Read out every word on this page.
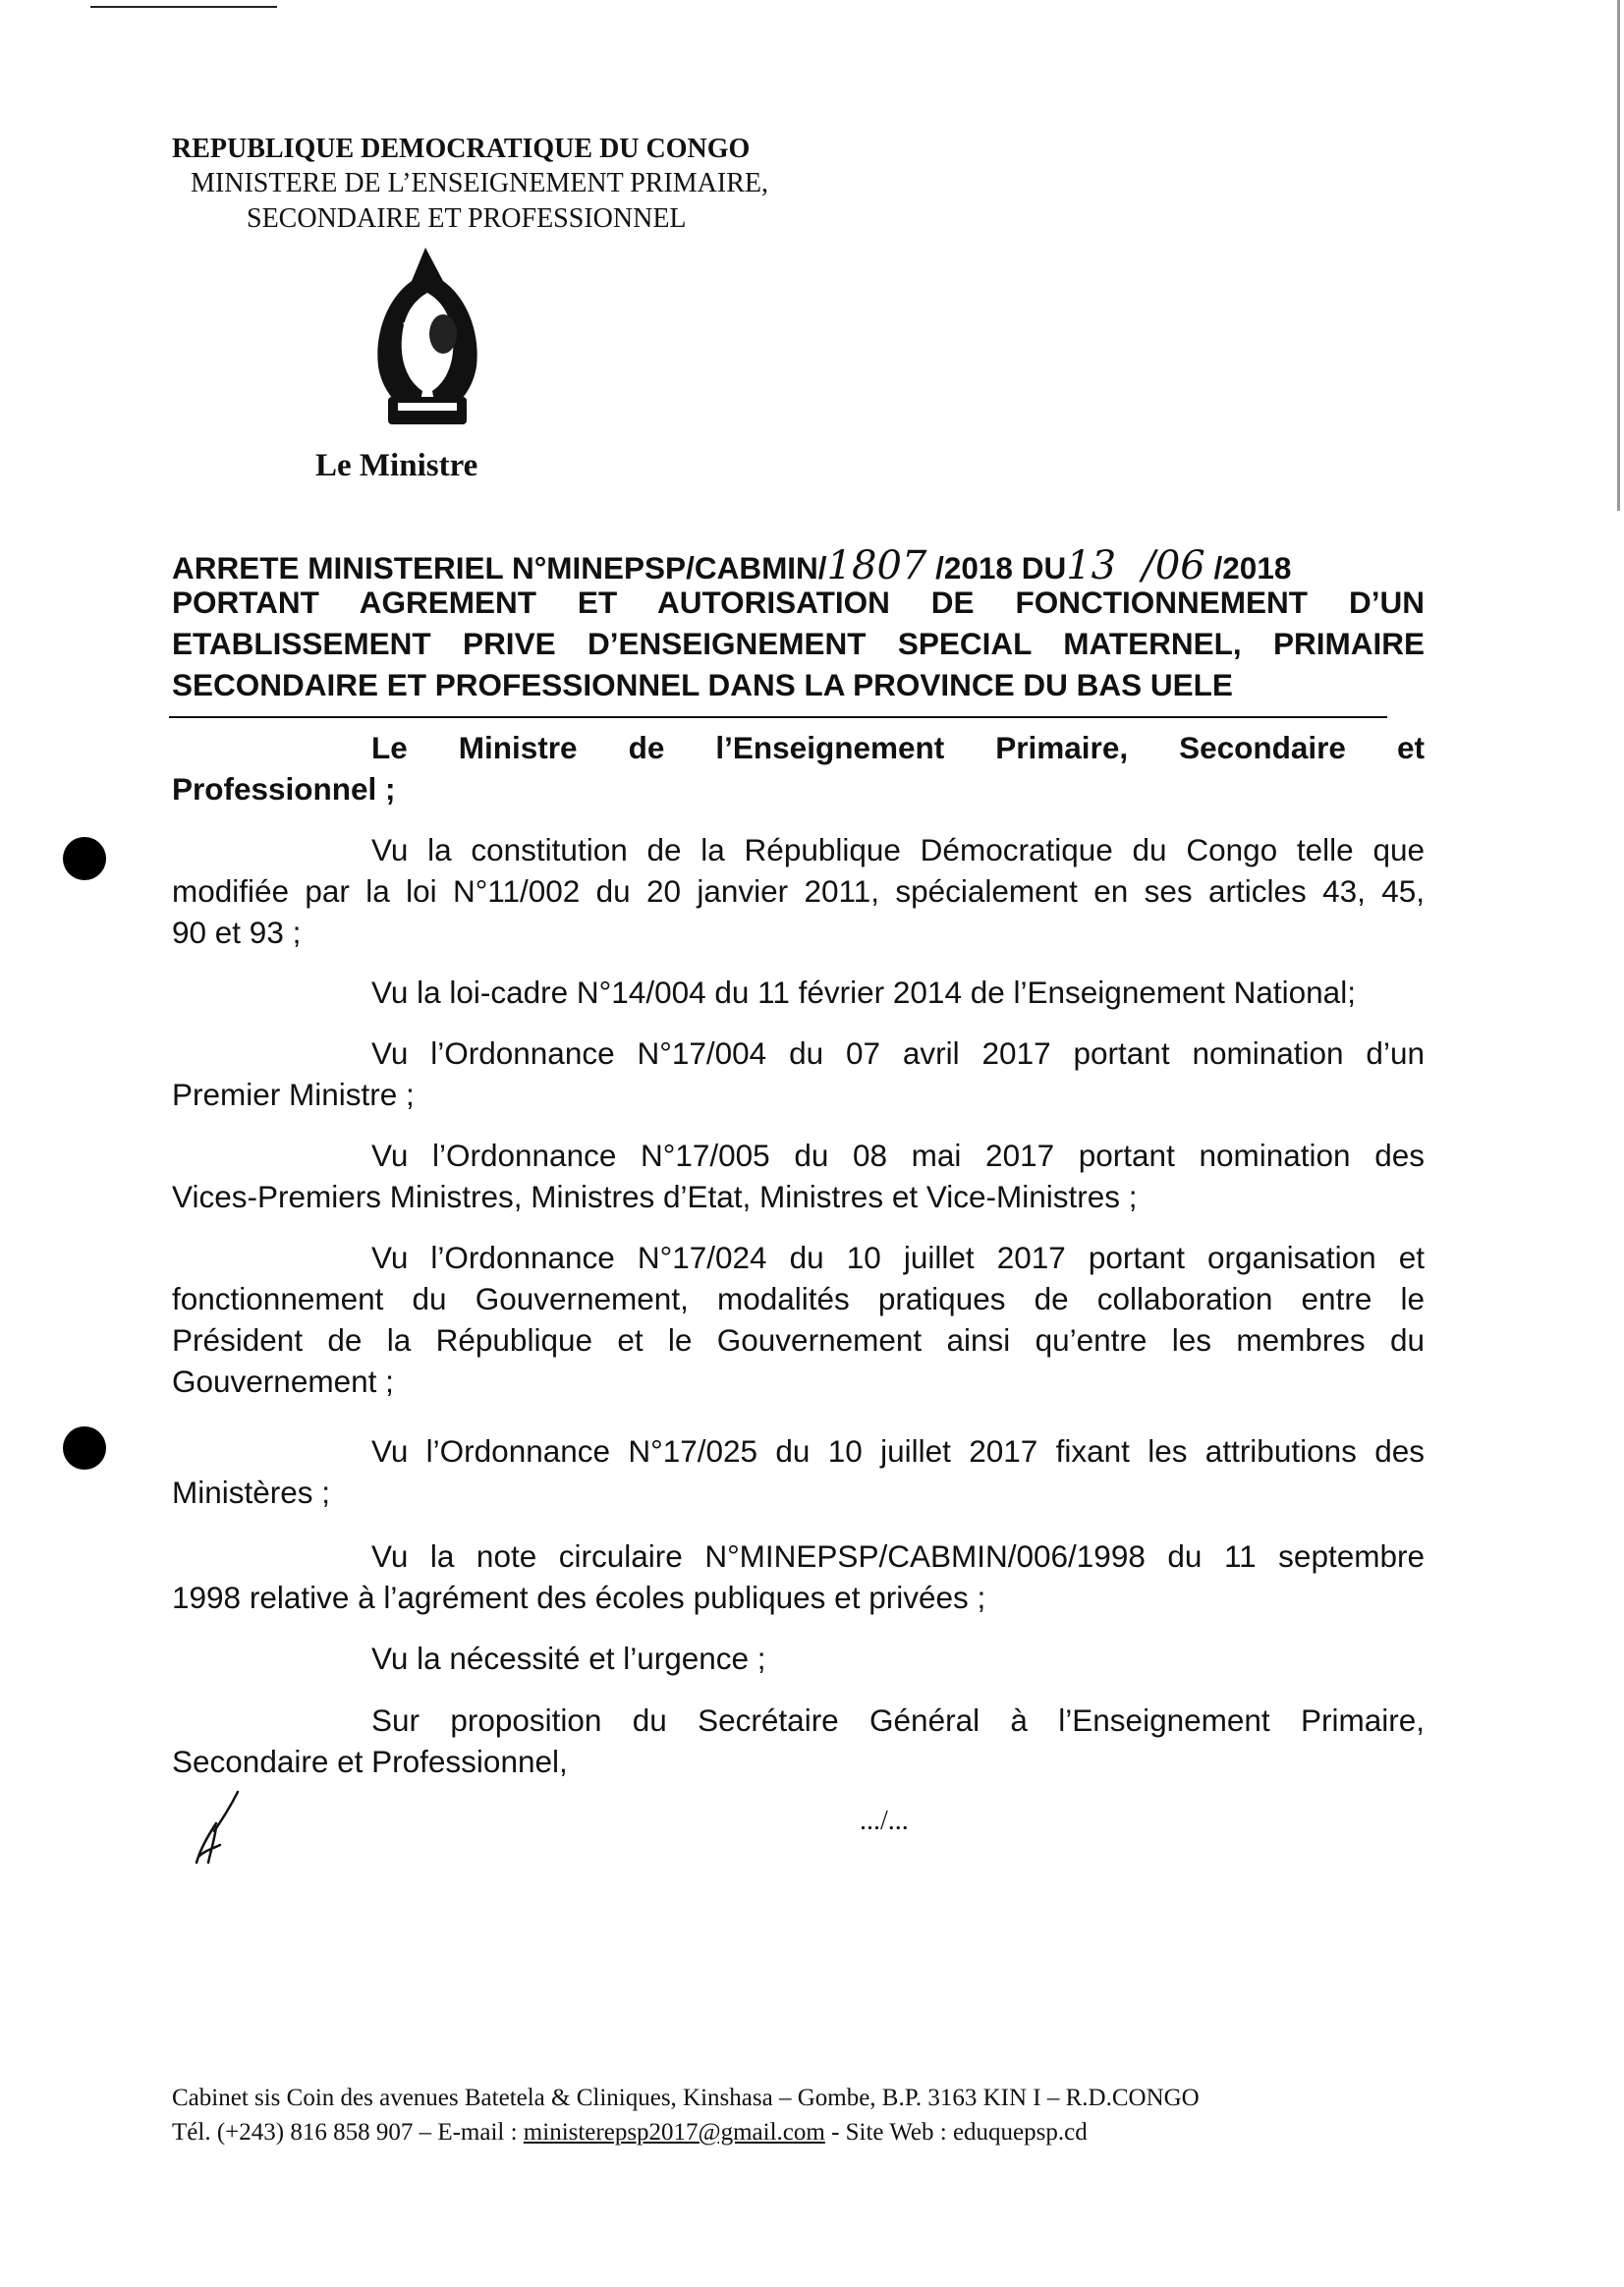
REPUBLIQUE DEMOCRATIQUE DU CONGO
MINISTERE DE L’ENSEIGNEMENT PRIMAIRE,
SECONDAIRE ET PROFESSIONNEL
Le Ministre
ARRETE MINISTERIEL N°MINEPSP/CABMIN/1807 /2018 DU13 /06 /2018
PORTANT AGREMENT ET AUTORISATION DE FONCTIONNEMENT D’UN
ETABLISSEMENT PRIVE D’ENSEIGNEMENT SPECIAL MATERNEL, PRIMAIRE
SECONDAIRE ET PROFESSIONNEL DANS LA PROVINCE DU BAS UELE
Le Ministre de l’Enseignement Primaire, Secondaire et
Professionnel ;
Vu la constitution de la République Démocratique du Congo telle que
modifiée par la loi N°11/002 du 20 janvier 2011, spécialement en ses articles 43, 45,
90 et 93 ;
Vu la loi-cadre N°14/004 du 11 février 2014 de l’Enseignement National;
Vu l’Ordonnance N°17/004 du 07 avril 2017 portant nomination d’un
Premier Ministre ;
Vu l’Ordonnance N°17/005 du 08 mai 2017 portant nomination des
Vices-Premiers Ministres, Ministres d’Etat, Ministres et Vice-Ministres ;
Vu l’Ordonnance N°17/024 du 10 juillet 2017 portant organisation et
fonctionnement du Gouvernement, modalités pratiques de collaboration entre le
Président de la République et le Gouvernement ainsi qu’entre les membres du
Gouvernement ;
Vu l’Ordonnance N°17/025 du 10 juillet 2017 fixant les attributions des
Ministères ;
Vu la note circulaire N°MINEPSP/CABMIN/006/1998 du 11 septembre
1998 relative à l’agrément des écoles publiques et privées ;
Vu la nécessité et l’urgence ;
Sur proposition du Secrétaire Général à l’Enseignement Primaire,
Secondaire et Professionnel,
.../...
Cabinet sis Coin des avenues Batetela & Cliniques, Kinshasa – Gombe, B.P. 3163 KIN I – R.D.CONGO
Tél. (+243) 816 858 907 – E-mail : ministerepsp2017@gmail.com - Site Web : eduquepsp.cd
